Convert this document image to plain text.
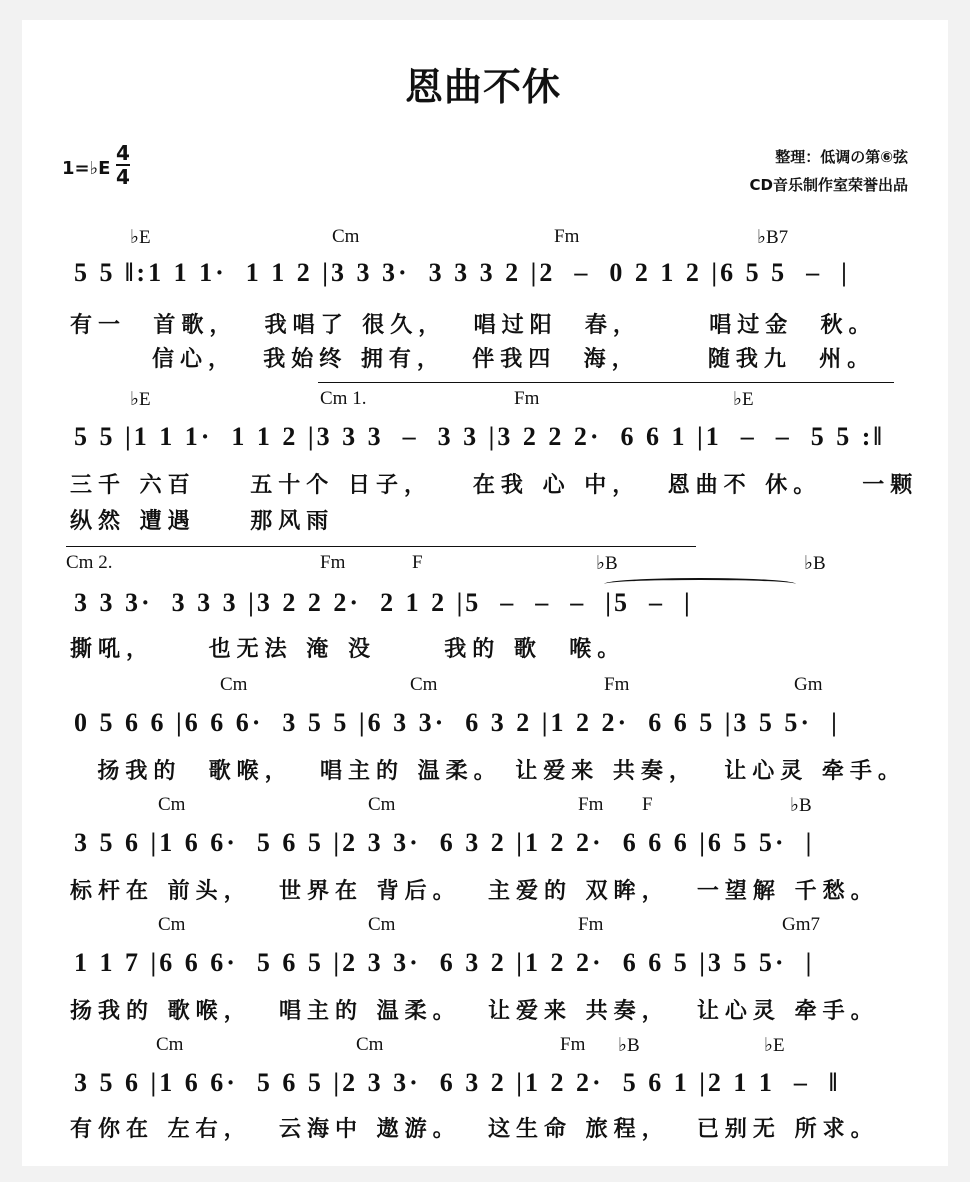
恩曲不休
1=♭E
4
4
整理：低调の第⑥弦
CD音乐制作室荣誉出品
♭E	Cm	Fm	♭B7
5 5 ‖:1 1 1·  1 1 2 |3 3 3·  3 3 3 2 |2  –  0 2 1 2 |6 5 5  –  |
有一  首歌，  我唱了 很久，  唱过阳  春，     唱过金  秋。
信心，  我始终 拥有，  伴我四  海，     随我九  州。
♭E	Cm 1.	Fm	♭E
5 5 |1 1 1·  1 1 2 |3 3 3  –  3 3 |3 2 2 2·  6 6 1 |1  –  –  5 5 :‖
三千 六百    五十个 日子，   在我 心 中，  恩曲不 休。   一颗
纵然 遭遇    那风雨
Cm 2.	Fm	F	♭B	♭B
3 3 3·  3 3 3 |3 2 2 2·  2 1 2 |5  –  –  –  |5  –  |
撕吼，    也无法 淹 没     我的 歌  喉。
Cm	Cm	Fm	Gm
0 5 6 6 |6 6 6·  3 5 5 |6 3 3·  6 3 2 |1 2 2·  6 6 5 |3 5 5·  |
扬我的  歌喉，  唱主的 温柔。 让爱来 共奏，  让心灵 牵手。
Cm	Cm	Fm F	♭B
3 5 6 |1 6 6·  5 6 5 |2 3 3·  6 3 2 |1 2 2·  6 6 6 |6 5 5·  |
标杆在 前头，  世界在 背后。  主爱的 双眸，  一望解 千愁。
Cm	Cm	Fm	Gm7
1 1 7 |6 6 6·  5 6 5 |2 3 3·  6 3 2 |1 2 2·  6 6 5 |3 5 5·  |
扬我的 歌喉，  唱主的 温柔。  让爱来 共奏，  让心灵 牵手。
Cm	Cm	Fm ♭B	♭E
3 5 6 |1 6 6·  5 6 5 |2 3 3·  6 3 2 |1 2 2·  5 6 1 |2 1 1  –  ‖
有你在 左右，  云海中 遨游。  这生命 旅程，  已别无 所求。
